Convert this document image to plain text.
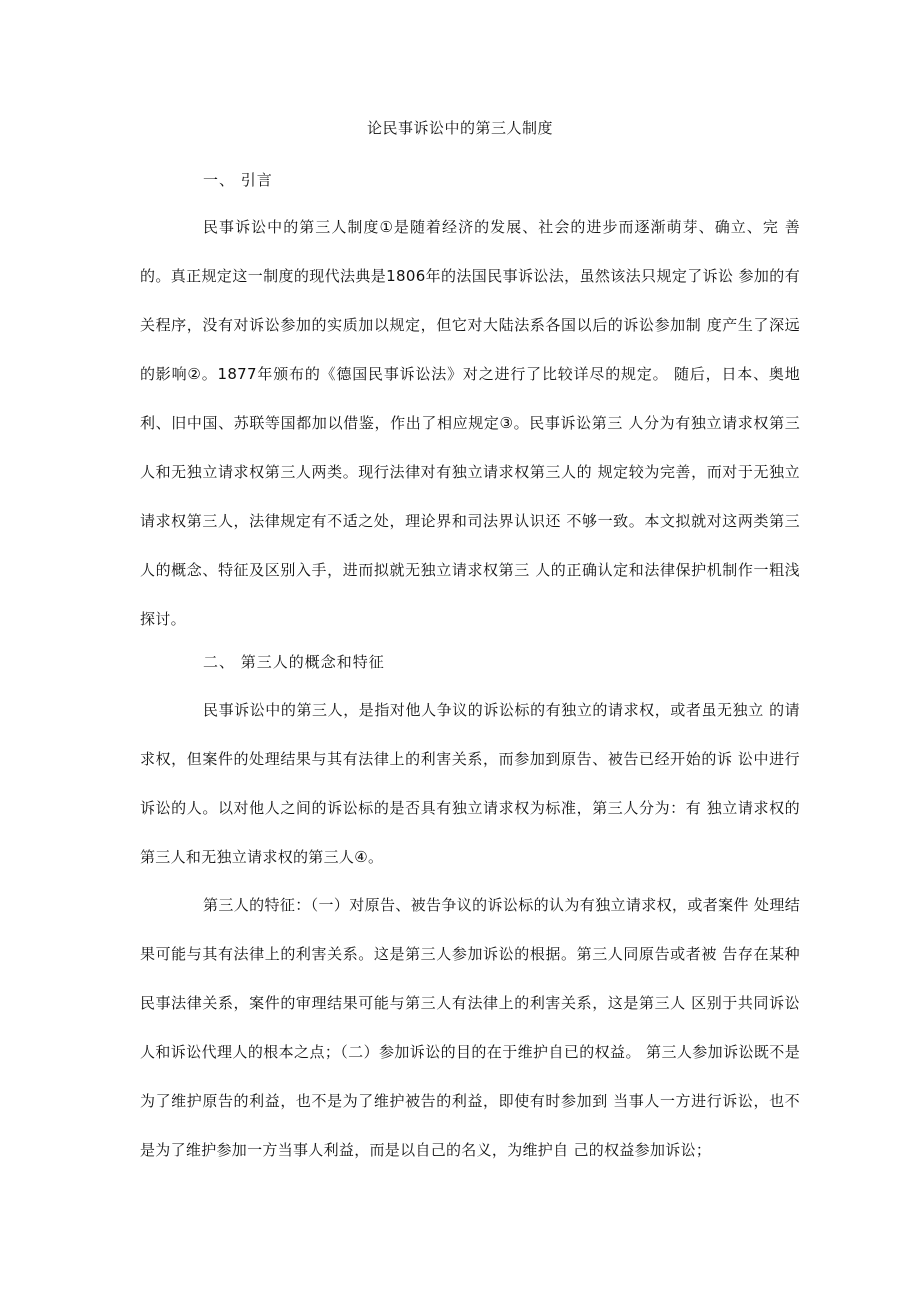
论民事诉讼中的第三人制度
一、 引言

民事诉讼中的第三人制度①是随着经济的发展、社会的进步而逐渐萌芽、确立、完 善的。真正规定这一制度的现代法典是1806年的法国民事诉讼法，虽然该法只规定了诉讼 参加的有关程序，没有对诉讼参加的实质加以规定，但它对大陆法系各国以后的诉讼参加制 度产生了深远的影响②。1877年颁布的《德国民事诉讼法》对之进行了比较详尽的规定。 随后，日本、奥地利、旧中国、苏联等国都加以借鉴，作出了相应规定③。民事诉讼第三 人分为有独立请求权第三人和无独立请求权第三人两类。现行法律对有独立请求权第三人的 规定较为完善，而对于无独立请求权第三人，法律规定有不适之处，理论界和司法界认识还 不够一致。本文拟就对这两类第三人的概念、特征及区别入手，进而拟就无独立请求权第三 人的正确认定和法律保护机制作一粗浅探讨。

二、 第三人的概念和特征

民事诉讼中的第三人，是指对他人争议的诉讼标的有独立的请求权，或者虽无独立 的请求权，但案件的处理结果与其有法律上的利害关系，而参加到原告、被告已经开始的诉 讼中进行诉讼的人。以对他人之间的诉讼标的是否具有独立请求权为标准，第三人分为：有 独立请求权的第三人和无独立请求权的第三人④。

第三人的特征：（一）对原告、被告争议的诉讼标的认为有独立请求权，或者案件 处理结果可能与其有法律上的利害关系。这是第三人参加诉讼的根据。第三人同原告或者被 告存在某种民事法律关系，案件的审理结果可能与第三人有法律上的利害关系，这是第三人 区别于共同诉讼人和诉讼代理人的根本之点；（二）参加诉讼的目的在于维护自已的权益。 第三人参加诉讼既不是为了维护原告的利益，也不是为了维护被告的利益，即使有时参加到 当事人一方进行诉讼，也不是为了维护参加一方当事人利益，而是以自己的名义，为维护自 己的权益参加诉讼；
